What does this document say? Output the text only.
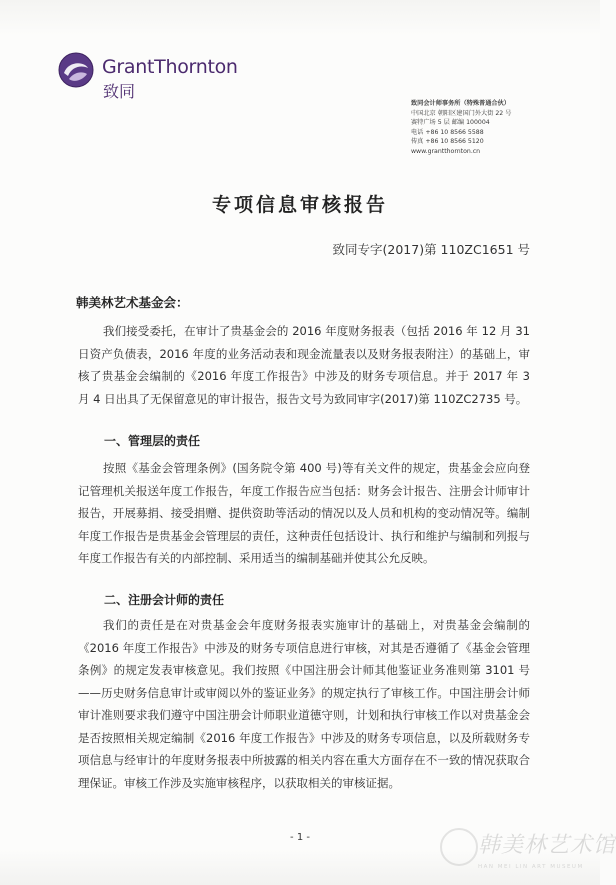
GrantThornton
致同
致同会计师事务所（特殊普通合伙）
中国北京 朝阳区建国门外大街 22 号
赛特广场 5 层 邮编 100004
电话 +86 10 8566 5588
传真 +86 10 8566 5120
www.grantthornton.cn
专项信息审核报告
致同专字(2017)第 110ZC1651 号
韩美林艺术基金会：
我们接受委托，在审计了贵基金会的 2016 年度财务报表（包括 2016 年 12 月 31 日资产负债表，2016 年度的业务活动表和现金流量表以及财务报表附注）的基础上，审核了贵基金会编制的《2016 年度工作报告》中涉及的财务专项信息。并于 2017 年 3 月 4 日出具了无保留意见的审计报告，报告文号为致同审字(2017)第 110ZC2735 号。
一、管理层的责任
按照《基金会管理条例》(国务院令第 400 号)等有关文件的规定，贵基金会应向登记管理机关报送年度工作报告，年度工作报告应当包括：财务会计报告、注册会计师审计报告，开展募捐、接受捐赠、提供资助等活动的情况以及人员和机构的变动情况等。编制年度工作报告是贵基金会管理层的责任，这种责任包括设计、执行和维护与编制和列报与年度工作报告有关的内部控制、采用适当的编制基础并使其公允反映。
二、注册会计师的责任
我们的责任是在对贵基金会年度财务报表实施审计的基础上，对贵基金会编制的《2016 年度工作报告》中涉及的财务专项信息进行审核，对其是否遵循了《基金会管理条例》的规定发表审核意见。我们按照《中国注册会计师其他鉴证业务准则第 3101 号——历史财务信息审计或审阅以外的鉴证业务》的规定执行了审核工作。中国注册会计师审计准则要求我们遵守中国注册会计师职业道德守则，计划和执行审核工作以对贵基金会是否按照相关规定编制《2016 年度工作报告》中涉及的财务专项信息，以及所载财务专项信息与经审计的年度财务报表中所披露的相关内容在重大方面存在不一致的情况获取合理保证。审核工作涉及实施审核程序，以获取相关的审核证据。
- 1 -	韩美林艺术馆
HAN MEI LIN ART MUSEUM
